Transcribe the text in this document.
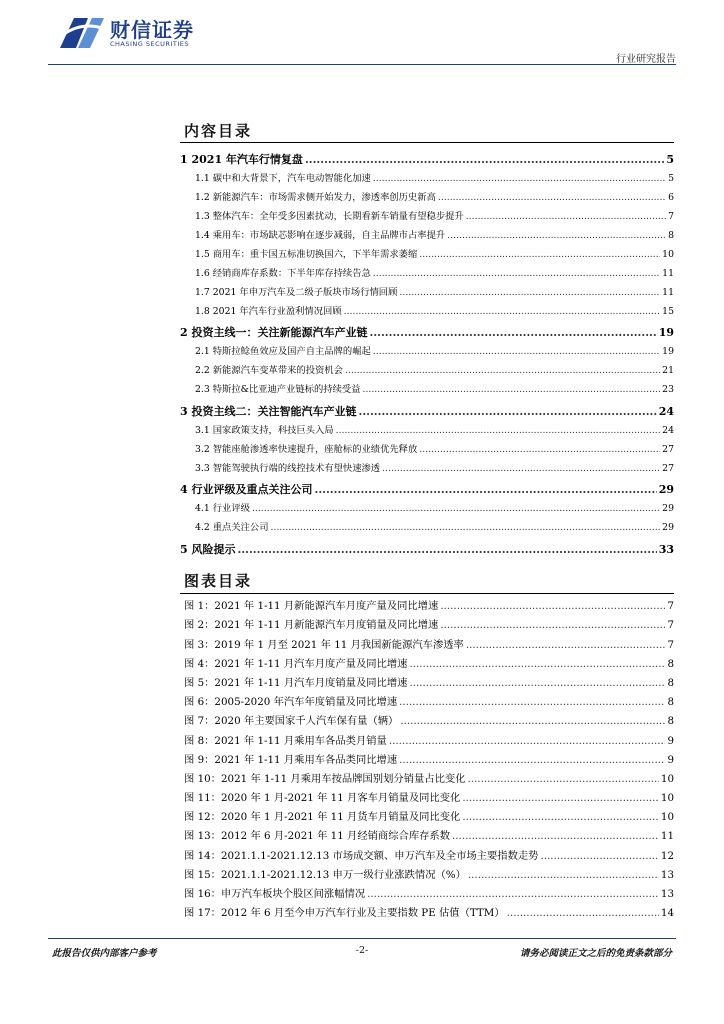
财信证券
CHASING SECURITIES
行业研究报告
内容目录
1 2021 年汽车行情复盘 .....	5
1.1 碳中和大背景下，汽车电动智能化加速 .....	5
1.2 新能源汽车：市场需求侧开始发力，渗透率创历史新高 .....	6
1.3 整体汽车：全年受多因素扰动，长期看新车销量有望稳步提升 .....	7
1.4 乘用车：市场缺芯影响在逐步减弱，自主品牌市占率提升 .....	8
1.5 商用车：重卡国五标准切换国六，下半年需求萎缩 .....	10
1.6 经销商库存系数：下半年库存持续告急 .....	11
1.7 2021 年申万汽车及二级子版块市场行情回顾 .....	11
1.8 2021 年汽车行业盈利情况回顾 .....	15
2 投资主线一：关注新能源汽车产业链 .....	19
2.1 特斯拉鲶鱼效应及国产自主品牌的崛起 .....	19
2.2 新能源汽车变革带来的投资机会 .....	21
2.3 特斯拉&比亚迪产业链标的持续受益 .....	23
3 投资主线二：关注智能汽车产业链 .....	24
3.1 国家政策支持，科技巨头入局 .....	24
3.2 智能座舱渗透率快速提升，座舱标的业绩优先释放 .....	27
3.3 智能驾驶执行端的线控技术有望快速渗透 .....	27
4 行业评级及重点关注公司 .....	29
4.1 行业评级 .....	29
4.2 重点关注公司 .....	29
5 风险提示 .....	33
图表目录
图 1：2021 年 1-11 月新能源汽车月度产量及同比增速 .....	7
图 2：2021 年 1-11 月新能源汽车月度销量及同比增速 .....	7
图 3：2019 年 1 月至 2021 年 11 月我国新能源汽车渗透率 .....	7
图 4：2021 年 1-11 月汽车月度产量及同比增速 .....	8
图 5：2021 年 1-11 月汽车月度销量及同比增速 .....	8
图 6：2005-2020 年汽车年度销量及同比增速 .....	8
图 7：2020 年主要国家千人汽车保有量（辆） .....	8
图 8：2021 年 1-11 月乘用车各品类月销量 .....	9
图 9：2021 年 1-11 月乘用车各品类同比增速 .....	9
图 10：2021 年 1-11 月乘用车按品牌国别划分销量占比变化 .....	10
图 11：2020 年 1 月-2021 年 11 月客车月销量及同比变化 .....	10
图 12：2020 年 1 月-2021 年 11 月货车月销量及同比变化 .....	10
图 13：2012 年 6 月-2021 年 11 月经销商综合库存系数 .....	11
图 14：2021.1.1-2021.12.13 市场成交额、申万汽车及全市场主要指数走势 .....	12
图 15：2021.1.1-2021.12.13 申万一级行业涨跌情况（%） .....	13
图 16：申万汽车板块个股区间涨幅情况 .....	13
图 17：2012 年 6 月至今申万汽车行业及主要指数 PE 估值（TTM） .....	14
此报告仅供内部客户参考	-2-	请务必阅读正文之后的免责条款部分
